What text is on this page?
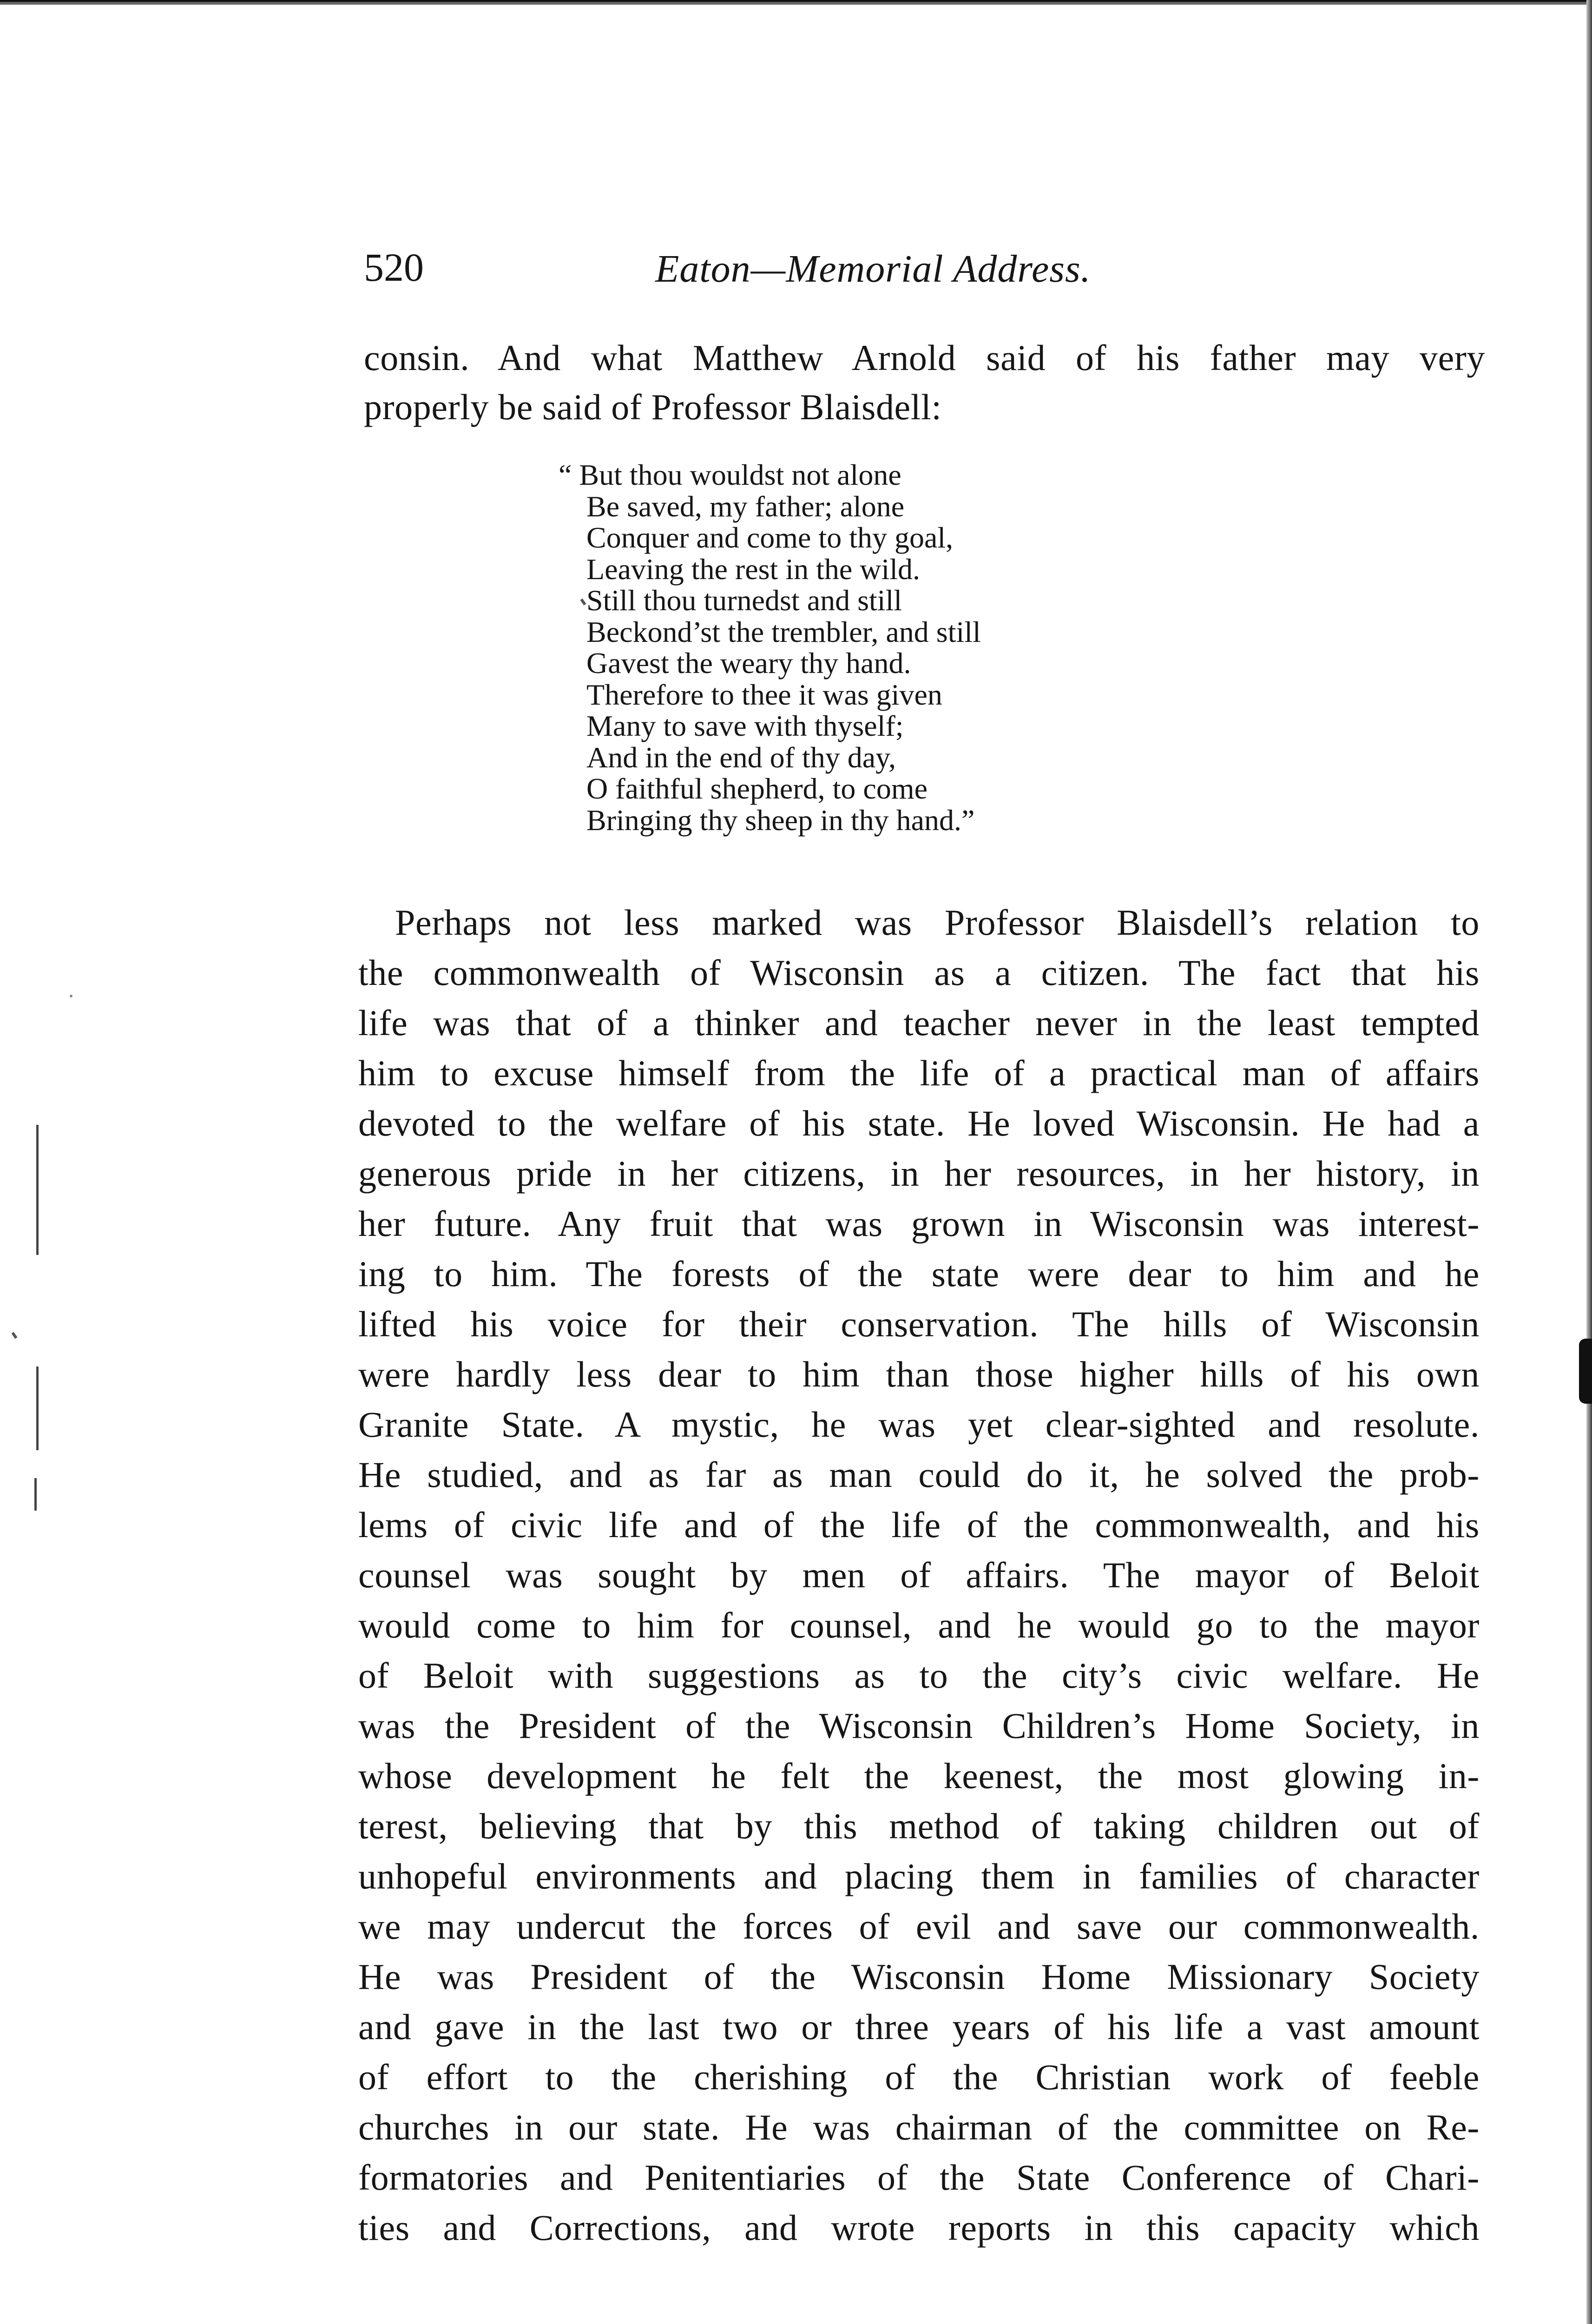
520	Eaton—Memorial Address.

consin. And what Matthew Arnold said of his father may very

properly be said of Professor Blaisdell:

“ But thou wouldst not alone

Be saved, my father; alone

Conquer and come to thy goal,

Leaving the rest in the wild.

Still thou turnedst and still

Beckond’st the trembler, and still

Gavest the weary thy hand.

Therefore to thee it was given

Many to save with thyself;

And in the end of thy day,

O faithful shepherd, to come

Bringing thy sheep in thy hand.”

Perhaps not less marked was Professor Blaisdell’s relation to

the commonwealth of Wisconsin as a citizen. The fact that his

life was that of a thinker and teacher never in the least tempted

him to excuse himself from the life of a practical man of affairs

devoted to the welfare of his state. He loved Wisconsin. He had a

generous pride in her citizens, in her resources, in her history, in

her future. Any fruit that was grown in Wisconsin was interest-

ing to him. The forests of the state were dear to him and he

lifted his voice for their conservation. The hills of Wisconsin

were hardly less dear to him than those higher hills of his own

Granite State. A mystic, he was yet clear-sighted and resolute.

He studied, and as far as man could do it, he solved the prob-

lems of civic life and of the life of the commonwealth, and his

counsel was sought by men of affairs. The mayor of Beloit

would come to him for counsel, and he would go to the mayor

of Beloit with suggestions as to the city’s civic welfare. He

was the President of the Wisconsin Children’s Home Society, in

whose development he felt the keenest, the most glowing in-

terest, believing that by this method of taking children out of

unhopeful environments and placing them in families of character

we may undercut the forces of evil and save our commonwealth.

He was President of the Wisconsin Home Missionary Society

and gave in the last two or three years of his life a vast amount

of effort to the cherishing of the Christian work of feeble

churches in our state. He was chairman of the committee on Re-

formatories and Penitentiaries of the State Conference of Chari-

ties and Corrections, and wrote reports in this capacity which
